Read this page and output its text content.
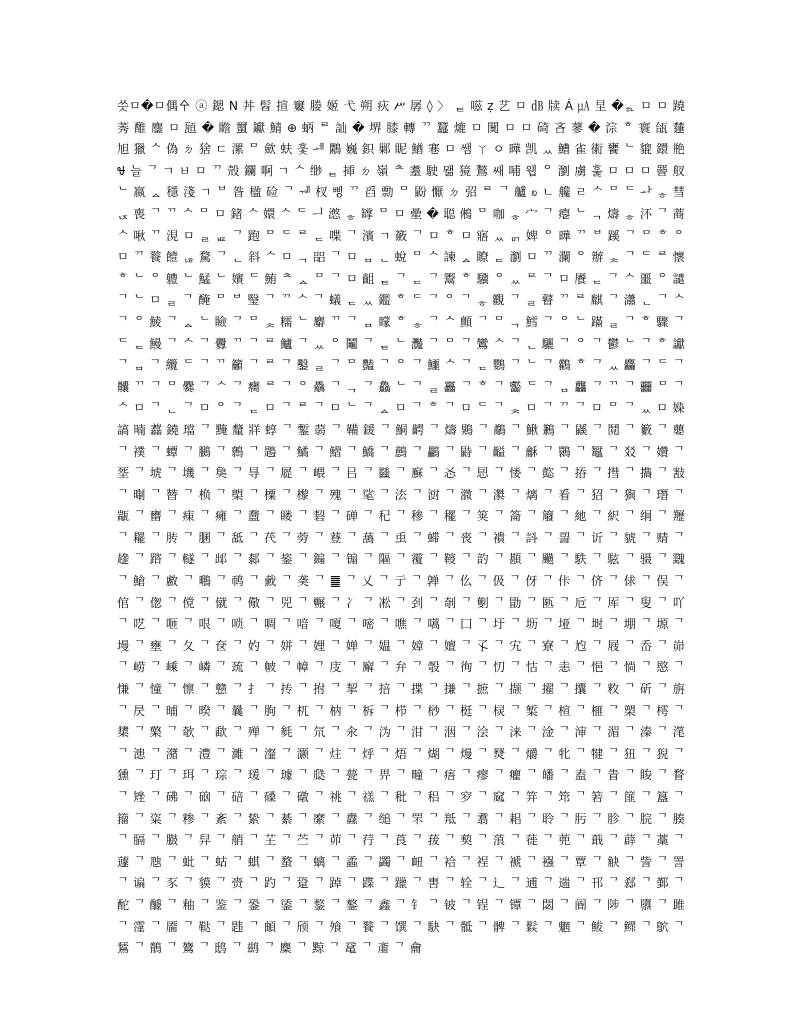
씃ㅁ�ㅁ偶㐃 ⓐ 鍶 Ν 丼 髫 揎 窶 媵 姬 弋 朔 疢 ሥ 孱 ◊ 〉 ᇀ 嗞 ẓ 艺 ㅁ ㏈ 牍 Á ㎂ 圼 �ᇵ ㅁ ㅁ 蹺 莠 醀 鏖 ㅁ 瓸 � 瞻 蠒 钀 鯖 ⊕ 蛃 ᄅ 訕 � 堺 膝 轉 ᄁ 蠶 熝 ㅁ 闃 ㅁ ㅁ 碕 吝 蓼 � 淙 ᄒ 寰 瓵 㯬 旭 獵 ᄉ 偽 ㄉ 猞 ㄷ 漯 ᄆ 歛 蚨 훛 ᆀ 鷴 巍 鉙 鄛 眤 鰌 寋 ㅁ 쌤 ㄚ ㅇ 曄 凯 ᆻ 鰽 雀 䘘 饔 ᄂ 貔 鐶 艵 Ꮰ 늘 ᄀ ㄱ ㅂ ㅁ ᄁ 殼 鑭 啊 ㄱ ᄉ 缈 ᇀ 揷 ㄉ 嶺 ᄎ 耋 駛 뫪 獍 鶖 쌔 哺 웹 ᄋ 瀏 虜 훑 ㅁ ㅁ ㅁ 罾 䑡 ᄂ 嬴 ᇫ 穩 淺 ㄱ ᄇ 昝 楹 硷 ᄀ ᆌ 杈 삥 ᄁ 舀 勡 ᄆ 鼢 懨 ㄉ 弨 ᄅ ᄀ 艫 ꧠ ㄴ 艬 ㄹ ᄉ ᄆ ᄃ ᅪ ᇂ 彗 ᆬ 喪 ᄀ ᄁ ᄉ ᄆ ㅁ 鍺 ᄉ 嬛 ᄉ ᄃ ᅴ 滺 ᇂ 罉 ᄆ ㅁ 曐 � 聪 鵂 ᄆ 咖 ᇂ 宀 ᄀ 瘪 ᄂ ᆨ 燽 ᇂ 㳅 ᄀ 蔏 ᄉ 啾 ᄁ 涀 ㅁ ᆯ ᇤ ᄀ 跑 ᄆ ᄃ ᄅ ᆮ 喋 ᄀ 濱 ㄱ 籢 ᄀ ㅁ ᄒ ㅁ 寤 ᆻ ᇚ 婢 ᄋ 曄 ᄁ ᄇ 蹊 ᄀ ᄆ ᄒ ᄋ ㅁ ᄁ 餮 饐 ᆭ 騖 ᄀ ᆫ 斜 ᄉ ㅁ ᆨ 㗊 ᄀ ㅁ ᆷ ᆫ 蛻 ᄆ ᄉ 諫 ᇫ 瞭 ᆮ 瀏 ㅁ ᄁ 瀾 ᄋ 辦 ᆾ ᄀ ᄃ ᄅ 懷 ᄒ ᄂ ᄋ 軆 ᄂ 鯭 ᄂ 嬪 ᄃ 鮪 ᄎ ᇫ ᄆ ᄀ ㅁ 齟 ᇀ ᄀ ᆮ ᄀ 鬻 ᄒ 驥 ᄋ ᆻ ᄅ ᄀ ㅁ 餍 ᆮ ᄀ ᄉ 噩 ᄋ 譴 ᄀ ᄂ ㅁ ᆯ ᄀ 醃 ᄆ ᄇ 瑿 ᄀ ᄁ ᄉ ᄀ 蟻 ᆮ ᆻ 鑑 ᄒ ᄃ ᄀ ᄋ ᄀ ᇂ 觀 ᄀ ᆯ 瞽 ᄁ ᄅ 麒 ᄀ 瀟 ᆫ ᄀ ᄉ ᄀ ᄋ 鯪 ᄀ ᇫ ᄂ 瞼 ᄀ ᄆ ᆾ 糯 ᄂ 麝 ᄁ ᄀ ᆷ 矇 ᄒ ᇂ ᄀ ᄉ 顫 ᄀ ᄆ ᆨ 鱈 ᄀ ᄋ ᄂ 蹣 ᆯ ᄀ ᄒ 驟 ᄀ ᄃ ᆮ 鰻 ᄀ ᄉ ᄀ 釁 ᄁ ᄀ ᄅ 鱸 ᄀ ᆻ ᄋ 鬮 ᄀ ᇀ ᄂ 灩 ᄀ ᄆ ᄀ 鸞 ᄉ ᄀ ᆫ 驪 ᄀ ᄋ ᄀ 鬱 ᄂ ᄀ ᄒ 讞 ᄀ ᆷ ᄀ 纜 ᄃ ᄀ ᄁ 籲 ᄀ ᄅ ᄀ 鑿 ᆯ ᄀ ᄆ 豔 ᄀ ᄋ ᄀ 鱷 ᄉ ᄀ ᆮ 鸚 ᄀ ᄂ ᄀ 鸛 ᄒ ᄀ ᆻ 麤 ᄀ ᄃ ᄀ 齉 ᄁ ᄀ ᄆ 爨 ᄀ ᄉ ᄀ 癵 ᄅ ᄀ ᄋ 驫 ᄀ ᆨ ᄀ 鱻 ᄂ ᄀ ᆯ 靐 ᄀ ᄒ ᄀ 齾 ᄃ ᄀ ᆷ 龘 ᄀ ᄁ ᄀ 䨻 ᄆ ᄀ ᄉ ㅁ ᄀ ᆫ ᄀ ㅁ ᄋ ᄀ ᆮ ㅁ ᄀ ᄅ ᄀ ㅁ ᄂ ᄀ ᇫ ㅁ ᄀ ᄒ ᄀ ㅁ ᄃ ᄀ ᆾ ㅁ ᄀ ᄁ ᄀ ㅁ ᄆ ᄀ ᆻ ㅁ 媣 謞 暔 䖃 鐃 璫 ᄀ 黤 釐 牂 蜳 ᄀ 鏨 蒻 ᄀ 鞴 鍰 ᄀ 鮦 齶 ᄀ 燽 鶪 ᄀ 鷸 ᄀ 鰍 鶼 ᄀ 鼷 ᄀ 鬩 ᄀ 籔 ᄀ 蘡 ᄀ 襆 ᄀ 蟫 ᄀ 鵩 ᄀ 鷯 ᄀ 鶗 ᄀ 鱊 ᄀ 鰼 ᄀ 鱎 ᄀ 鷾 ᄀ 鸓 ᄀ 鼭 ᄀ 齸 ᄀ 龢 ᄀ 䴉 ᄀ 䵹 ᄀ 㸚 ᄀ 㜺 ᄀ 㘸 ᄀ 㙈 ᄀ 㙨 ᄀ 㚟 ᄀ 㝵 ᄀ 㞞 ᄀ 㟪 ᄀ 㠯 ᄀ 㡭 ᄀ 㢝 ᄀ 㣻 ᄀ 㤙 ᄀ 㥪 ᄀ 㦤 ᄀ 㧷 ᄀ 㨹 ᄀ 㩦 ᄀ 㪡 ᄀ 㫼 ᄀ 㬱 ᄀ 㭥 ᄀ 㮾 ᄀ 㯨 ᄀ 㰀 ᄀ 㱱 ᄀ 㲚 ᄀ 㳒 ᄀ 㴻 ᄀ 㵟 ᄀ 㶋 ᄀ 㷰 ᄀ 㸔 ᄀ 㹦 ᄀ 㺞 ᄀ 㻸 ᄀ 㼷 ᄀ 㽫 ᄀ 㾊 ᄀ 㿈 ᄀ 䀉 ᄀ 䁖 ᄀ 䂮 ᄀ 䃅 ᄀ 䄫 ᄀ 䅟 ᄀ 䆉 ᄀ 䇲 ᄀ 䈁 ᄀ 䉬 ᄀ 䊶 ᄀ 䋇 ᄀ 䌹 ᄀ 䍽 ᄀ 䎱 ᄀ 䏝 ᄀ 䐃 ᄀ 䑛 ᄀ 䒫 ᄀ 䓖 ᄀ 䔲 ᄀ 䕵 ᄀ 䖝 ᄀ 䗖 ᄀ 䘮 ᄀ 䙡 ᄀ 䚵 ᄀ 䛐 ᄀ 䜣 ᄀ 䝞 ᄀ 䞍 ᄀ 䟃 ᄀ 䠖 ᄀ 䡵 ᄀ 䢺 ᄀ 䣛 ᄀ 䤰 ᄀ 䥇 ᄀ 䦂 ᄀ 䧢 ᄀ 䨱 ᄀ 䩳 ᄀ 䪨 ᄀ 䫖 ᄀ 䬝 ᄀ 䭿 ᄀ 䮄 ᄀ 䯅 ᄀ 䰰 ᄀ 䱽 ᄀ 䲣 ᄀ 䳟 ᄀ 䴓 ᄀ 䵧 ᄀ 䶮 ᄀ ䷀ ᄀ 乂 ᄀ 亍 ᄀ 亸 ᄀ 仫 ᄀ 伋 ᄀ 伢 ᄀ 佧 ᄀ 侪 ᄀ 俅 ᄀ 俣 ᄀ 倌 ᄀ 偬 ᄀ 傥 ᄀ 僦 ᄀ 儆 ᄀ 兕 ᄀ 冁 ᄀ 冫 ᄀ 凇 ᄀ 刭 ᄀ 剞 ᄀ 劐 ᄀ 勖 ᄀ 匦 ᄀ 卮 ᄀ 厍 ᄀ 叟 ᄀ 吖 ᄀ 呓 ᄀ 咂 ᄀ 哏 ᄀ 唢 ᄀ 啁 ᄀ 喑 ᄀ 嗄 ᄀ 嘧 ᄀ 噍 ᄀ 嚆 ᄀ 囗 ᄀ 圩 ᄀ 坜 ᄀ 垭 ᄀ 埘 ᄀ 堋 ᄀ 塬 ᄀ 墁 ᄀ 壅 ᄀ 夂 ᄀ 奁 ᄀ 妁 ᄀ 姘 ᄀ 娌 ᄀ 婵 ᄀ 媪 ᄀ 嫜 ᄀ 嬗 ᄀ 孓 ᄀ 宄 ᄀ 寮 ᄀ 尥 ᄀ 屐 ᄀ 岙 ᄀ 峁 ᄀ 崂 ᄀ 嵊 ᄀ 嶙 ᄀ 巯 ᄀ 帔 ᄀ 幛 ᄀ 庋 ᄀ 廨 ᄀ 弁 ᄀ 彀 ᄀ 徇 ᄀ 忉 ᄀ 怙 ᄀ 恚 ᄀ 悒 ᄀ 惝 ᄀ 愍 ᄀ 慊 ᄀ 憧 ᄀ 懔 ᄀ 戆 ᄀ 扌 ᄀ 抟 ᄀ 拊 ᄀ 挈 ᄀ 掊 ᄀ 揲 ᄀ 搛 ᄀ 摭 ᄀ 撷 ᄀ 擢 ᄀ 攮 ᄀ 敉 ᄀ 斫 ᄀ 旃 ᄀ 昃 ᄀ 晡 ᄀ 暌 ᄀ 曩 ᄀ 朐 ᄀ 杌 ᄀ 枘 ᄀ 柝 ᄀ 栉 ᄀ 桫 ᄀ 梃 ᄀ 棂 ᄀ 椠 ᄀ 楦 ᄀ 榧 ᄀ 槊 ᄀ 樗 ᄀ 橥 ᄀ 檠 ᄀ 欹 ᄀ 歃 ᄀ 殚 ᄀ 毵 ᄀ 氘 ᄀ 汆 ᄀ 沩 ᄀ 泔 ᄀ 洇 ᄀ 浍 ᄀ 涞 ᄀ 淦 ᄀ 渖 ᄀ 湄 ᄀ 溱 ᄀ 滗 ᄀ 漶 ᄀ 潴 ᄀ 澧 ᄀ 濉 ᄀ 瀣 ᄀ 灏 ᄀ 炷 ᄀ 烀 ᄀ 焐 ᄀ 煳 ᄀ 熳 ᄀ 燹 ᄀ 爝 ᄀ 牝 ᄀ 犍 ᄀ 狃 ᄀ 猊 ᄀ 獯 ᄀ 玎 ᄀ 珥 ᄀ 琮 ᄀ 瑗 ᄀ 璩 ᄀ 瓞 ᄀ 甍 ᄀ 畀 ᄀ 疃 ᄀ 痦 ᄀ 瘳 ᄀ 癯 ᄀ 皤 ᄀ 盍 ᄀ 眚 ᄀ 睃 ᄀ 瞀 ᄀ 矬 ᄀ 砩 ᄀ 硇 ᄀ 碚 ᄀ 磉 ᄀ 礅 ᄀ 祧 ᄀ 禚 ᄀ 秕 ᄀ 稆 ᄀ 穸 ᄀ 窳 ᄀ 笄 ᄀ 筇 ᄀ 箬 ᄀ 篚 ᄀ 簋 ᄀ 籀 ᄀ 粢 ᄀ 糁 ᄀ 紊 ᄀ 絷 ᄀ 綦 ᄀ 縻 ᄀ 纛 ᄀ 缒 ᄀ 罘 ᄀ 羝 ᄀ 翥 ᄀ 耜 ᄀ 聆 ᄀ 肟 ᄀ 胗 ᄀ 脘 ᄀ 腠 ᄀ 膈 ᄀ 臌 ᄀ 舁 ᄀ 艄 ᄀ 芏 ᄀ 苎 ᄀ 茆 ᄀ 荇 ᄀ 莨 ᄀ 菝 ᄀ 葜 ᄀ 蒗 ᄀ 蓰 ᄀ 蔸 ᄀ 蕺 ᄀ 薜 ᄀ 藁 ᄀ 蘧 ᄀ 虺 ᄀ 蚍 ᄀ 蛄 ᄀ 蜞 ᄀ 蝥 ᄀ 螭 ᄀ 蟊 ᄀ 蠲 ᄀ 衄 ᄀ 袷 ᄀ 裎 ᄀ 褫 ᄀ 襁 ᄀ 覃 ᄀ 觖 ᄀ 訾 ᄀ 詈 ᄀ 谝 ᄀ 豕 ᄀ 貘 ᄀ 赍 ᄀ 趵 ᄀ 跫 ᄀ 踔 ᄀ 蹀 ᄀ 躐 ᄀ 軎 ᄀ 辁 ᄀ 辶 ᄀ 逋 ᄀ 遄 ᄀ 邗 ᄀ 郄 ᄀ 鄞 ᄀ 酡 ᄀ 醵 ᄀ 釉 ᄀ 鉴 ᄀ 銎 ᄀ 鋈 ᄀ 鍪 ᄀ 鏊 ᄀ 鑫 ᄀ 钅 ᄀ 铍 ᄀ 锃 ᄀ 镡 ᄀ 閟 ᄀ 阍 ᄀ 陟 ᄀ 隳 ᄀ 雎 ᄀ 霪 ᄀ 靥 ᄀ 鞑 ᄀ 韪 ᄀ 頔 ᄀ 颀 ᄀ 飧 ᄀ 餮 ᄀ 馔 ᄀ 駃 ᄀ 骶 ᄀ 髀 ᄀ 鬏 ᄀ 魍 ᄀ 鲅 ᄀ 鳏 ᄀ 鴥 ᄀ 鵟 ᄀ 鶺 ᄀ 鷟 ᄀ 鸱 ᄀ 鹚 ᄀ 麇 ᄀ 黥 ᄀ 鼋 ᄀ 齑 ᄀ 龠
